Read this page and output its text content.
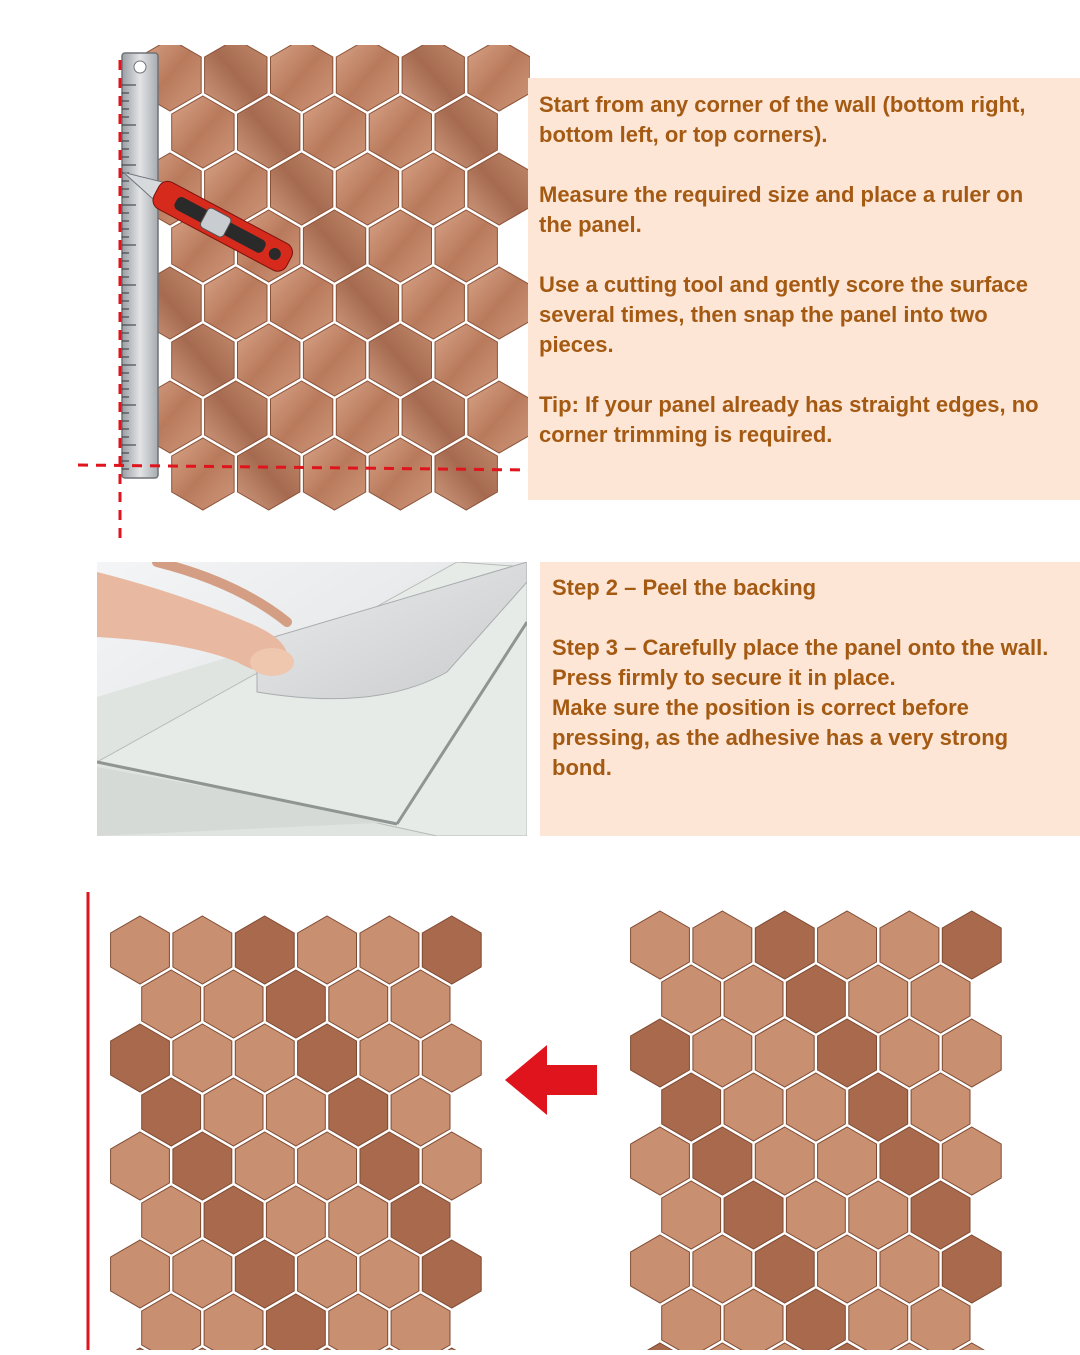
Start from any corner of the wall (bottom right, bottom left, or top corners).

Measure the required size and place a ruler on the panel.

Use a cutting tool and gently score the surface several times, then snap the panel into two pieces.

Tip: If your panel already has straight edges, no corner trimming is required.

Step 2 – Peel the backing

Step 3 – Carefully place the panel onto the wall.

Press firmly to secure it in place.

Make sure the position is correct before pressing, as the adhesive has a very strong bond.
